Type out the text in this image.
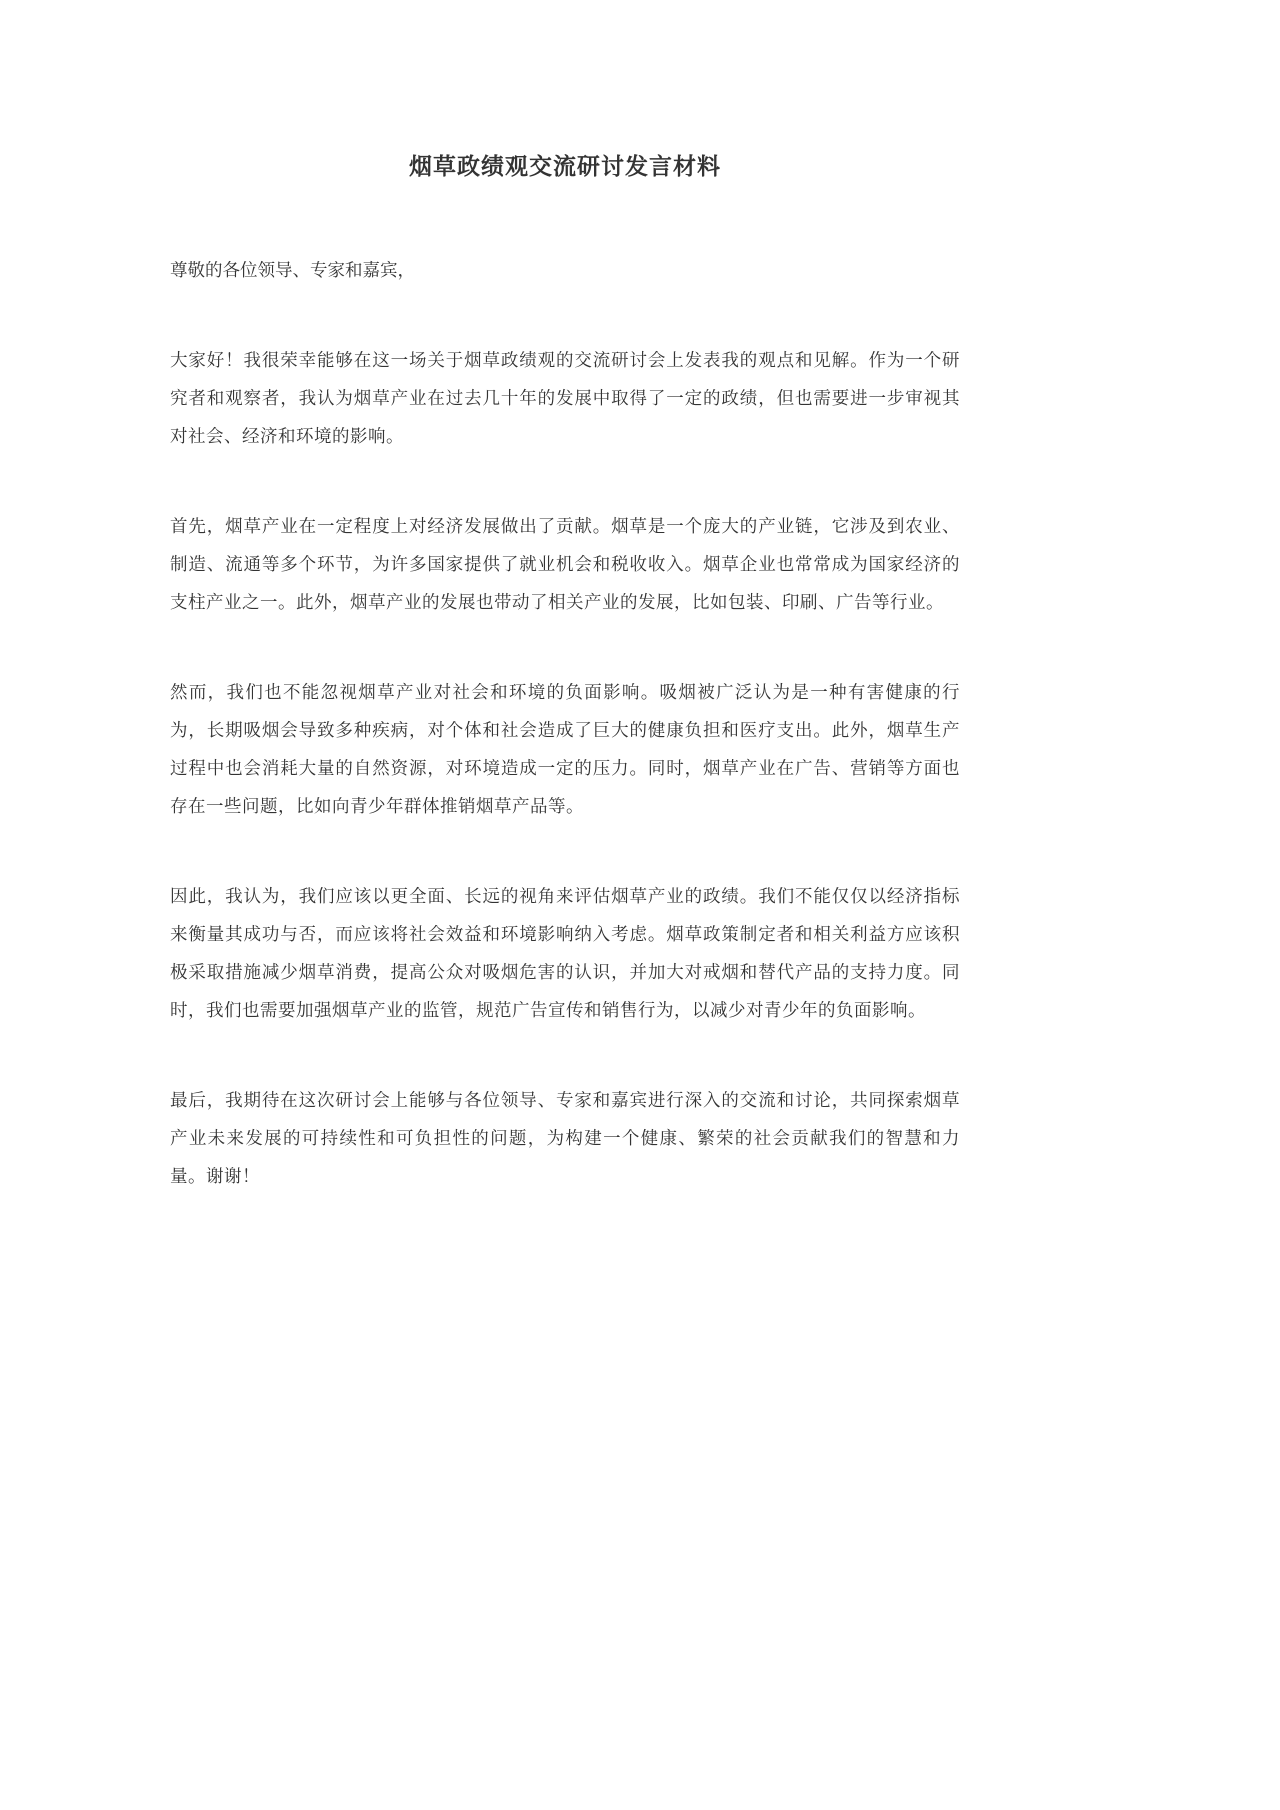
烟草政绩观交流研讨发言材料

尊敬的各位领导、专家和嘉宾，

大家好！我很荣幸能够在这一场关于烟草政绩观的交流研讨会上发表我的观点和见解。作为一个研究者和观察者，我认为烟草产业在过去几十年的发展中取得了一定的政绩，但也需要进一步审视其对社会、经济和环境的影响。

首先，烟草产业在一定程度上对经济发展做出了贡献。烟草是一个庞大的产业链，它涉及到农业、制造、流通等多个环节，为许多国家提供了就业机会和税收收入。烟草企业也常常成为国家经济的支柱产业之一。此外，烟草产业的发展也带动了相关产业的发展，比如包装、印刷、广告等行业。

然而，我们也不能忽视烟草产业对社会和环境的负面影响。吸烟被广泛认为是一种有害健康的行为，长期吸烟会导致多种疾病，对个体和社会造成了巨大的健康负担和医疗支出。此外，烟草生产过程中也会消耗大量的自然资源，对环境造成一定的压力。同时，烟草产业在广告、营销等方面也存在一些问题，比如向青少年群体推销烟草产品等。

因此，我认为，我们应该以更全面、长远的视角来评估烟草产业的政绩。我们不能仅仅以经济指标来衡量其成功与否，而应该将社会效益和环境影响纳入考虑。烟草政策制定者和相关利益方应该积极采取措施减少烟草消费，提高公众对吸烟危害的认识，并加大对戒烟和替代产品的支持力度。同时，我们也需要加强烟草产业的监管，规范广告宣传和销售行为，以减少对青少年的负面影响。

最后，我期待在这次研讨会上能够与各位领导、专家和嘉宾进行深入的交流和讨论，共同探索烟草产业未来发展的可持续性和可负担性的问题，为构建一个健康、繁荣的社会贡献我们的智慧和力量。谢谢！
